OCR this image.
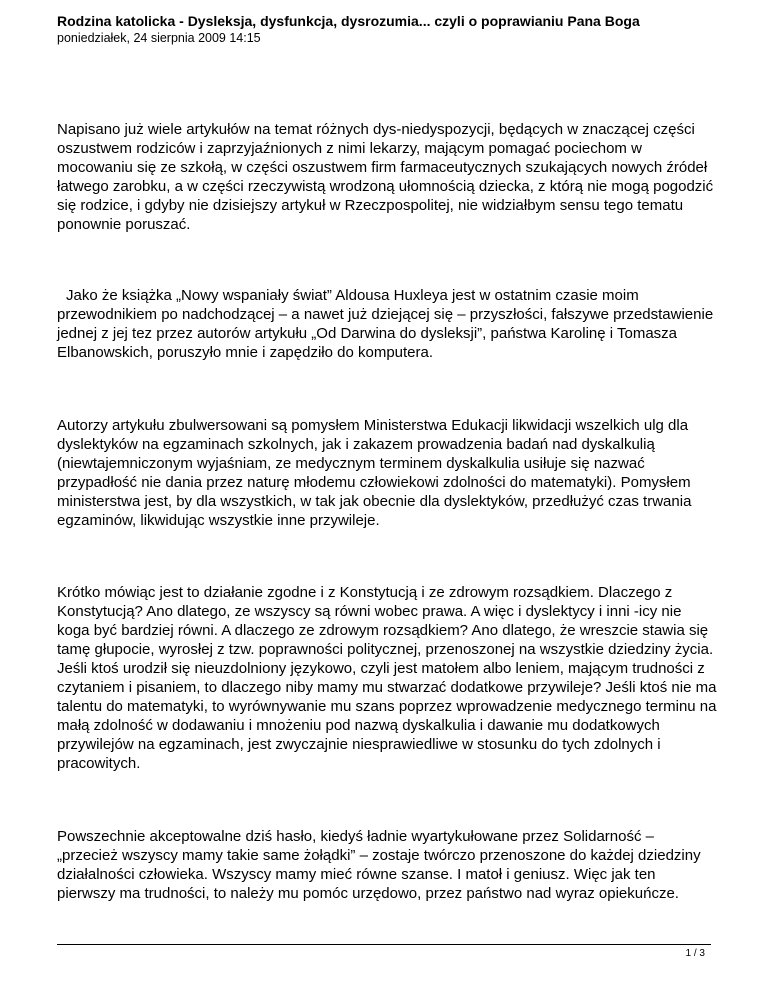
Rodzina katolicka - Dysleksja, dysfunkcja, dysrozumia... czyli o poprawianiu Pana Boga

poniedziałek, 24 sierpnia 2009 14:15

Napisano już wiele artykułów na temat różnych dys-niedyspozycji, będących w znaczącej części oszustwem rodziców i zaprzyjaźnionych z nimi lekarzy, mającym pomagać pociechom w mocowaniu się ze szkołą, w części oszustwem firm farmaceutycznych szukających nowych źródeł łatwego zarobku, a w części rzeczywistą wrodzoną ułomnością dziecka, z którą nie mogą pogodzić się rodzice, i gdyby nie dzisiejszy artykuł w Rzeczpospolitej, nie widziałbym sensu tego tematu ponownie poruszać.

Jako że książka „Nowy wspaniały świat” Aldousa Huxleya jest w ostatnim czasie moim przewodnikiem po nadchodzącej – a nawet już dziejącej się – przyszłości, fałszywe przedstawienie jednej z jej tez przez autorów artykułu „Od Darwina do dysleksji”, państwa Karolinę i Tomasza Elbanowskich, poruszyło mnie i zapędziło do komputera.

Autorzy artykułu zbulwersowani są pomysłem Ministerstwa Edukacji likwidacji wszelkich ulg dla dyslektyków na egzaminach szkolnych, jak i zakazem prowadzenia badań nad dyskalkulią (niewtajemniczonym wyjaśniam, ze medycznym terminem dyskalkulia usiłuje się nazwać przypadłość nie dania przez naturę młodemu człowiekowi zdolności do matematyki). Pomysłem ministerstwa jest, by dla wszystkich, w tak jak obecnie dla dyslektyków, przedłużyć czas trwania egzaminów, likwidując wszystkie inne przywileje.

Krótko mówiąc jest to działanie zgodne i z Konstytucją i ze zdrowym rozsądkiem. Dlaczego z Konstytucją? Ano dlatego, ze wszyscy są równi wobec prawa. A więc i dyslektycy i inni -icy nie koga być bardziej równi. A dlaczego ze zdrowym rozsądkiem? Ano dlatego, że wreszcie stawia się tamę głupocie, wyrosłej z tzw. poprawności politycznej, przenoszonej na wszystkie dziedziny życia. Jeśli ktoś urodził się nieuzdolniony językowo, czyli jest matołem albo leniem, mającym trudności z czytaniem i pisaniem, to dlaczego niby mamy mu stwarzać dodatkowe przywileje? Jeśli ktoś nie ma talentu do matematyki, to wyrównywanie mu szans poprzez wprowadzenie medycznego terminu na małą zdolność w dodawaniu i mnożeniu pod nazwą dyskalkulia i dawanie mu dodatkowych przywilejów na egzaminach, jest zwyczajnie niesprawiedliwe w stosunku do tych zdolnych i pracowitych.

Powszechnie akceptowalne dziś hasło, kiedyś ładnie wyartykułowane przez Solidarność – „przecież wszyscy mamy takie same żołądki” – zostaje twórczo przenoszone do każdej dziedziny działalności człowieka. Wszyscy mamy mieć równe szanse. I matoł i geniusz. Więc jak ten pierwszy ma trudności, to należy mu pomóc urzędowo, przez państwo nad wyraz opiekuńcze.

1 / 3
